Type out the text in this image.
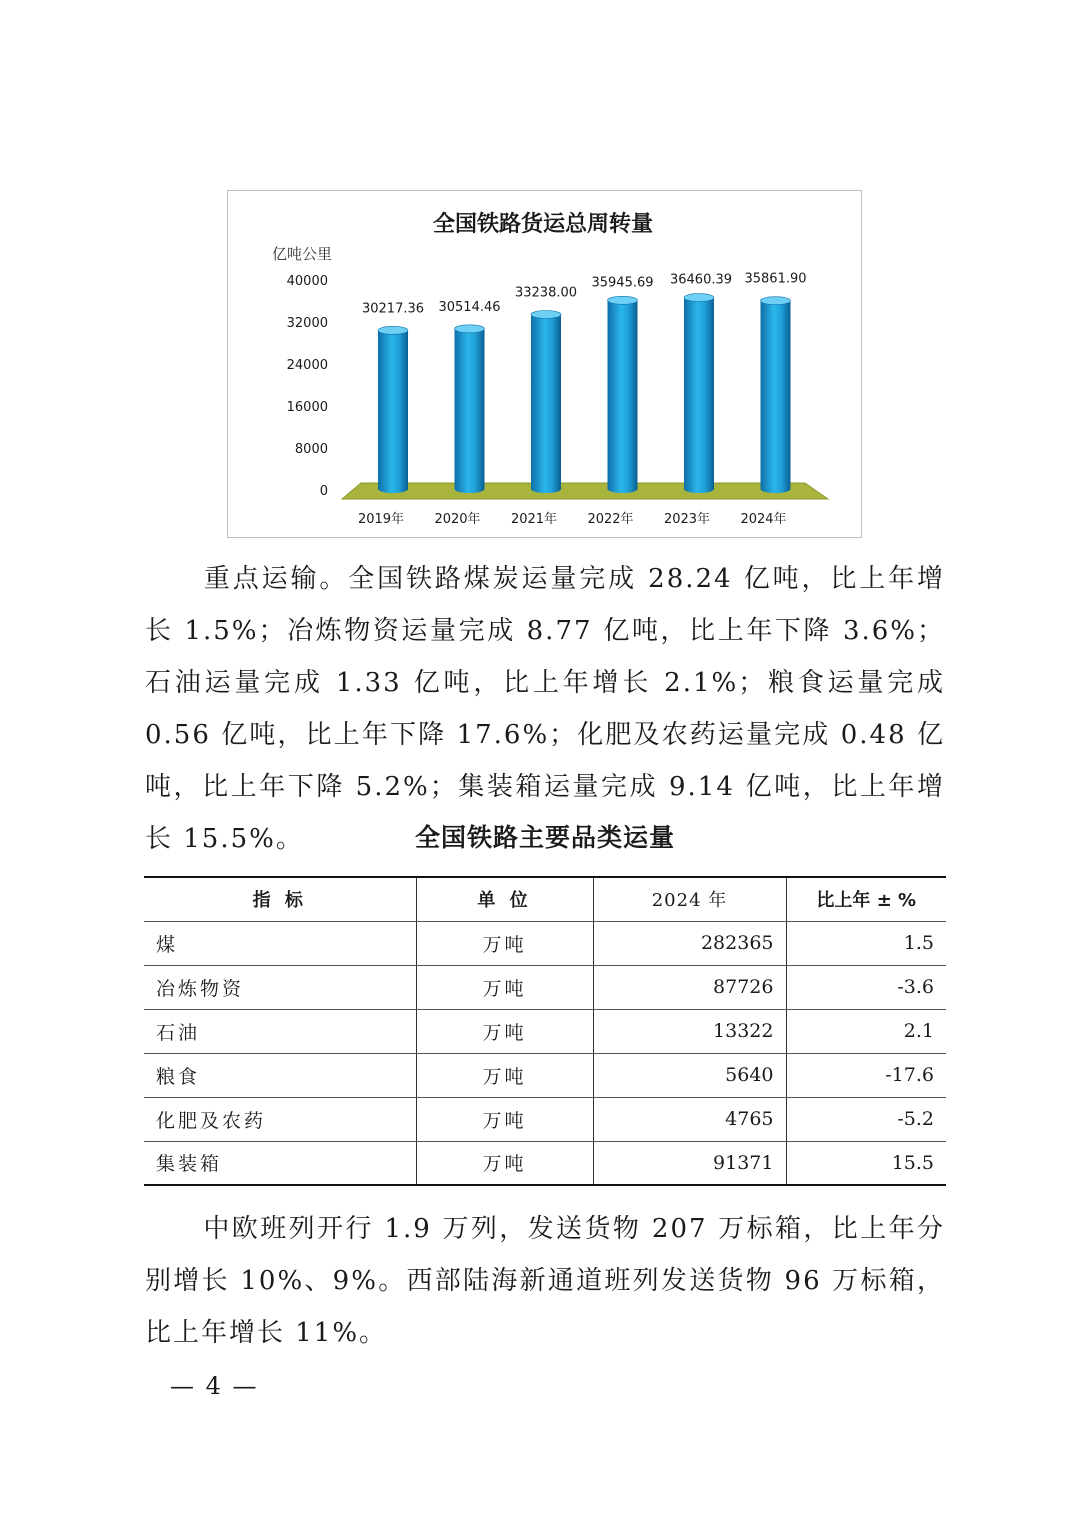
全国铁路货运总周转量
亿吨公里
0
8000
16000
24000
32000
40000
30217.36
2019年
30514.46
2020年
33238.00
2021年
35945.69
2022年
36460.39
2023年
35861.90
2024年

重点运输。全国铁路煤炭运量完成 28.24 亿吨，比上年增长 1.5%；冶炼物资运量完成 8.77 亿吨，比上年下降 3.6%；石油运量完成 1.33 亿吨，比上年增长 2.1%；粮食运量完成 0.56 亿吨，比上年下降 17.6%；化肥及农药运量完成 0.48 亿吨，比上年下降 5.2%；集装箱运量完成 9.14 亿吨，比上年增长 15.5%。	全国铁路主要品类运量
指 标	单 位	2024 年	比上年 ± %
煤	万吨	282365	1.5
冶炼物资	万吨	87726	-3.6
石油	万吨	13322	2.1
粮食	万吨	5640	-17.6
化肥及农药	万吨	4765	-5.2
集装箱	万吨	91371	15.5

中欧班列开行 1.9 万列，发送货物 207 万标箱，比上年分别增长 10%、9%。西部陆海新通道班列发送货物 96 万标箱，比上年增长 11%。

— 4 —
